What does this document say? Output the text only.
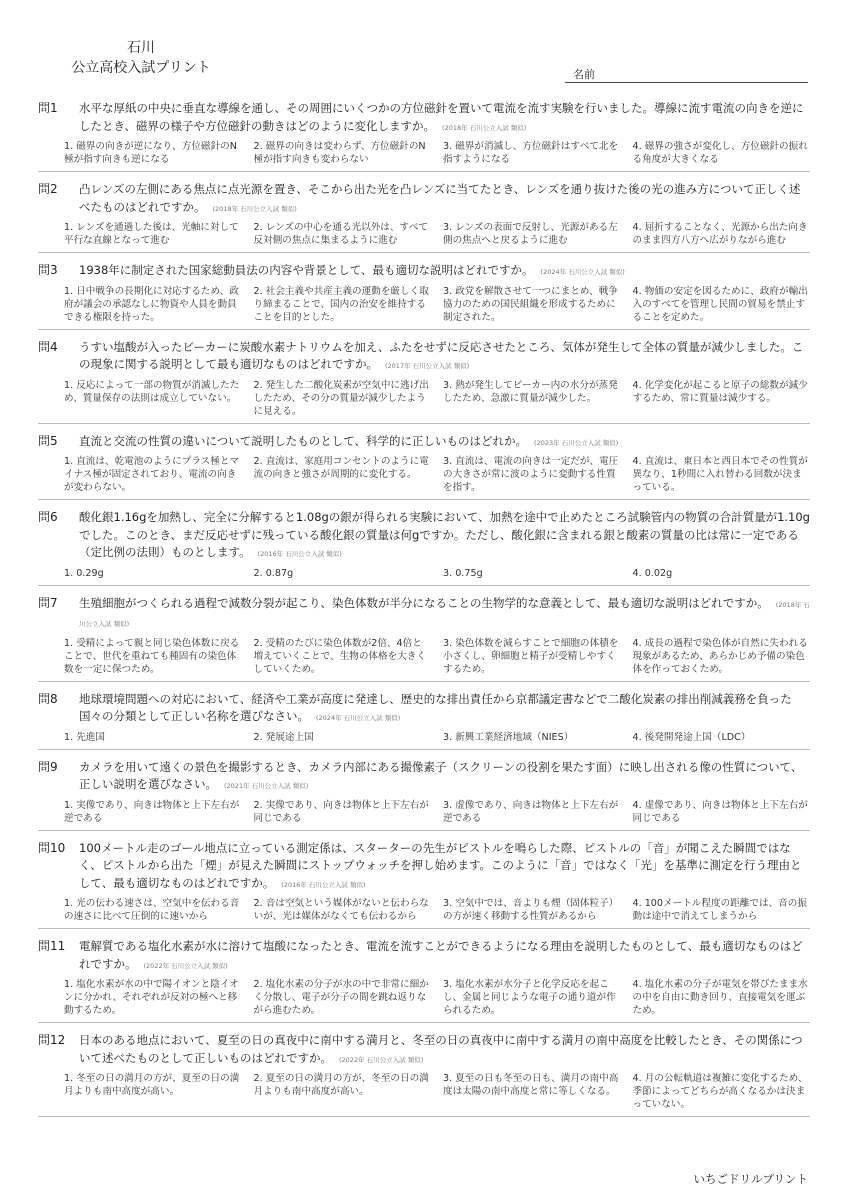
石川
公立高校入試プリント	名前
問1	水平な厚紙の中央に垂直な導線を通し、その周囲にいくつかの方位磁針を置いて電流を流す実験を行いました。導線に流す電流の向きを逆にしたとき、磁界の様子や方位磁針の動きはどのように変化しますか。 (2018年 石川公立入試 類似)
1. 磁界の向きが逆になり、方位磁針のN極が指す向きも逆になる
2. 磁界の向きは変わらず、方位磁針のN極が指す向きも変わらない
3. 磁界が消滅し、方位磁針はすべて北を指すようになる
4. 磁界の強さが変化し、方位磁針の振れる角度が大きくなる
問2	凸レンズの左側にある焦点に点光源を置き、そこから出た光を凸レンズに当てたとき、レンズを通り抜けた後の光の進み方について正しく述べたものはどれですか。 (2018年 石川公立入試 類似)
1. レンズを通過した後は、光軸に対して平行な直線となって進む
2. レンズの中心を通る光以外は、すべて反対側の焦点に集まるように進む
3. レンズの表面で反射し、光源がある左側の焦点へと戻るように進む
4. 屈折することなく、光源から出た向きのまま四方八方へ広がりながら進む
問3	1938年に制定された国家総動員法の内容や背景として、最も適切な説明はどれですか。 (2024年 石川公立入試 類似)
1. 日中戦争の長期化に対応するため、政府が議会の承認なしに物資や人員を動員できる権限を持った。
2. 社会主義や共産主義の運動を厳しく取り締まることで、国内の治安を維持することを目的とした。
3. 政党を解散させて一つにまとめ、戦争協力のための国民組織を形成するために制定された。
4. 物価の安定を図るために、政府が輸出入のすべてを管理し民間の貿易を禁止することを定めた。
問4	うすい塩酸が入ったビーカーに炭酸水素ナトリウムを加え、ふたをせずに反応させたところ、気体が発生して全体の質量が減少しました。この現象に関する説明として最も適切なものはどれですか。 (2017年 石川公立入試 類似)
1. 反応によって一部の物質が消滅したため、質量保存の法則は成立していない。
2. 発生した二酸化炭素が空気中に逃げ出したため、その分の質量が減少したように見える。
3. 熱が発生してビーカー内の水分が蒸発したため、急激に質量が減少した。
4. 化学変化が起こると原子の総数が減少するため、常に質量は減少する。
問5	直流と交流の性質の違いについて説明したものとして、科学的に正しいものはどれか。 (2023年 石川公立入試 類似)
1. 直流は、乾電池のようにプラス極とマイナス極が固定されており、電流の向きが変わらない。
2. 直流は、家庭用コンセントのように電流の向きと強さが周期的に変化する。
3. 直流は、電流の向きは一定だが、電圧の大きさが常に波のように変動する性質を指す。
4. 直流は、東日本と西日本でその性質が異なり、1秒間に入れ替わる回数が決まっている。
問6	酸化銀1.16gを加熱し、完全に分解すると1.08gの銀が得られる実験において、加熱を途中で止めたところ試験管内の物質の合計質量が1.10gでした。このとき、まだ反応せずに残っている酸化銀の質量は何gですか。ただし、酸化銀に含まれる銀と酸素の質量の比は常に一定である（定比例の法則）ものとします。 (2016年 石川公立入試 類似)
1. 0.29g	2. 0.87g	3. 0.75g	4. 0.02g
問7	生殖細胞がつくられる過程で減数分裂が起こり、染色体数が半分になることの生物学的な意義として、最も適切な説明はどれですか。 (2018年 石川公立入試 類似)
1. 受精によって親と同じ染色体数に戻ることで、世代を重ねても種固有の染色体数を一定に保つため。
2. 受精のたびに染色体数が2倍、4倍と増えていくことで、生物の体格を大きくしていくため。
3. 染色体数を減らすことで細胞の体積を小さくし、卵細胞と精子が受精しやすくするため。
4. 成長の過程で染色体が自然に失われる現象があるため、あらかじめ予備の染色体を作っておくため。
問8	地球環境問題への対応において、経済や工業が高度に発達し、歴史的な排出責任から京都議定書などで二酸化炭素の排出削減義務を負った国々の分類として正しい名称を選びなさい。 (2024年 石川公立入試 類似)
1. 先進国	2. 発展途上国	3. 新興工業経済地域（NIES）	4. 後発開発途上国（LDC）
問9	カメラを用いて遠くの景色を撮影するとき、カメラ内部にある撮像素子（スクリーンの役割を果たす面）に映し出される像の性質について、正しい説明を選びなさい。 (2021年 石川公立入試 類似)
1. 実像であり、向きは物体と上下左右が逆である
2. 実像であり、向きは物体と上下左右が同じである
3. 虚像であり、向きは物体と上下左右が逆である
4. 虚像であり、向きは物体と上下左右が同じである
問10	100メートル走のゴール地点に立っている測定係は、スターターの先生がピストルを鳴らした際、ピストルの「音」が聞こえた瞬間ではなく、ピストルから出た「煙」が見えた瞬間にストップウォッチを押し始めます。このように「音」ではなく「光」を基準に測定を行う理由として、最も適切なものはどれですか。 (2016年 石川公立入試 類似)
1. 光の伝わる速さは、空気中を伝わる音の速さに比べて圧倒的に速いから
2. 音は空気という媒体がないと伝わらないが、光は媒体がなくても伝わるから
3. 空気中では、音よりも煙（固体粒子）の方が速く移動する性質があるから
4. 100メートル程度の距離では、音の振動は途中で消えてしまうから
問11	電解質である塩化水素が水に溶けて塩酸になったとき、電流を流すことができるようになる理由を説明したものとして、最も適切なものはどれですか。 (2022年 石川公立入試 類似)
1. 塩化水素が水の中で陽イオンと陰イオンに分かれ、それぞれが反対の極へと移動するため。
2. 塩化水素の分子が水の中で非常に細かく分散し、電子が分子の間を跳ね返りながら進むため。
3. 塩化水素が水分子と化学反応を起こし、金属と同じような電子の通り道が作られるため。
4. 塩化水素の分子が電気を帯びたまま水の中を自由に動き回り、直接電気を運ぶため。
問12	日本のある地点において、夏至の日の真夜中に南中する満月と、冬至の日の真夜中に南中する満月の南中高度を比較したとき、その関係について述べたものとして正しいものはどれですか。 (2022年 石川公立入試 類似)
1. 冬至の日の満月の方が、夏至の日の満月よりも南中高度が高い。
2. 夏至の日の満月の方が、冬至の日の満月よりも南中高度が高い。
3. 夏至の日も冬至の日も、満月の南中高度は太陽の南中高度と常に等しくなる。
4. 月の公転軌道は複雑に変化するため、季節によってどちらが高くなるかは決まっていない。
いちごドリルプリント
